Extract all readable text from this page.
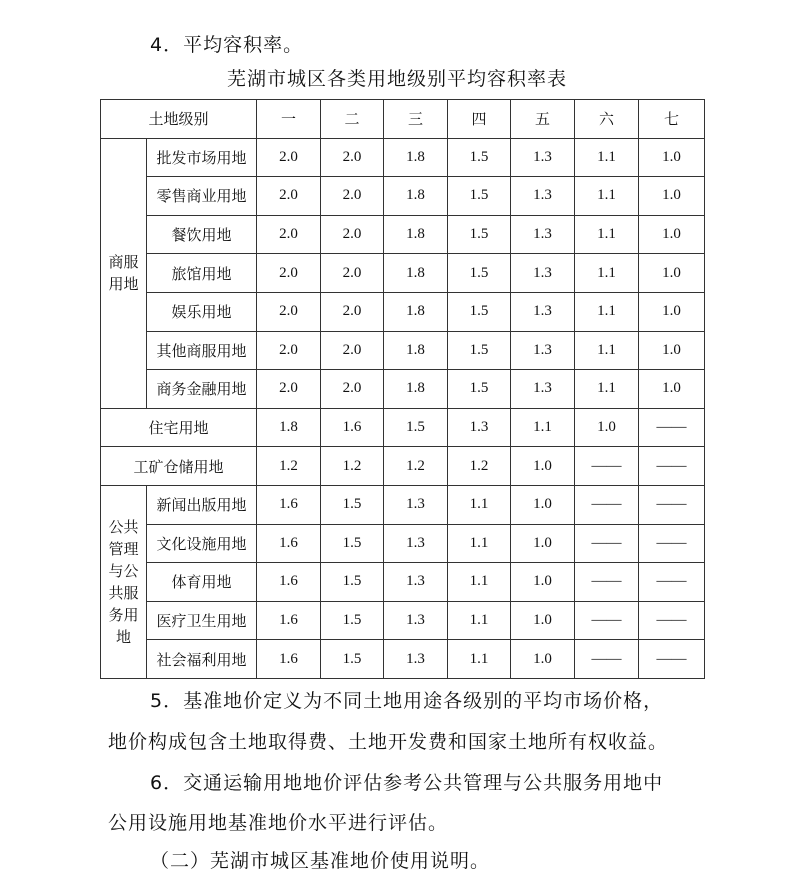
4．平均容积率。
芜湖市城区各类用地级别平均容积率表
土地级别		一	二	三	四	五	六	七
商服用地	批发市场用地	2.0	2.0	1.8	1.5	1.3	1.1	1.0
	零售商业用地	2.0	2.0	1.8	1.5	1.3	1.1	1.0
	餐饮用地	2.0	2.0	1.8	1.5	1.3	1.1	1.0
	旅馆用地	2.0	2.0	1.8	1.5	1.3	1.1	1.0
	娱乐用地	2.0	2.0	1.8	1.5	1.3	1.1	1.0
	其他商服用地	2.0	2.0	1.8	1.5	1.3	1.1	1.0
	商务金融用地	2.0	2.0	1.8	1.5	1.3	1.1	1.0
住宅用地		1.8	1.6	1.5	1.3	1.1	1.0	——
工矿仓储用地		1.2	1.2	1.2	1.2	1.0	——	——
公共管理与公共服务用地	新闻出版用地	1.6	1.5	1.3	1.1	1.0	——	——
	文化设施用地	1.6	1.5	1.3	1.1	1.0	——	——
	体育用地	1.6	1.5	1.3	1.1	1.0	——	——
	医疗卫生用地	1.6	1.5	1.3	1.1	1.0	——	——
	社会福利用地	1.6	1.5	1.3	1.1	1.0	——	——
5．基准地价定义为不同土地用途各级别的平均市场价格，
地价构成包含土地取得费、土地开发费和国家土地所有权收益。
6．交通运输用地地价评估参考公共管理与公共服务用地中
公用设施用地基准地价水平进行评估。
（二）芜湖市城区基准地价使用说明。
